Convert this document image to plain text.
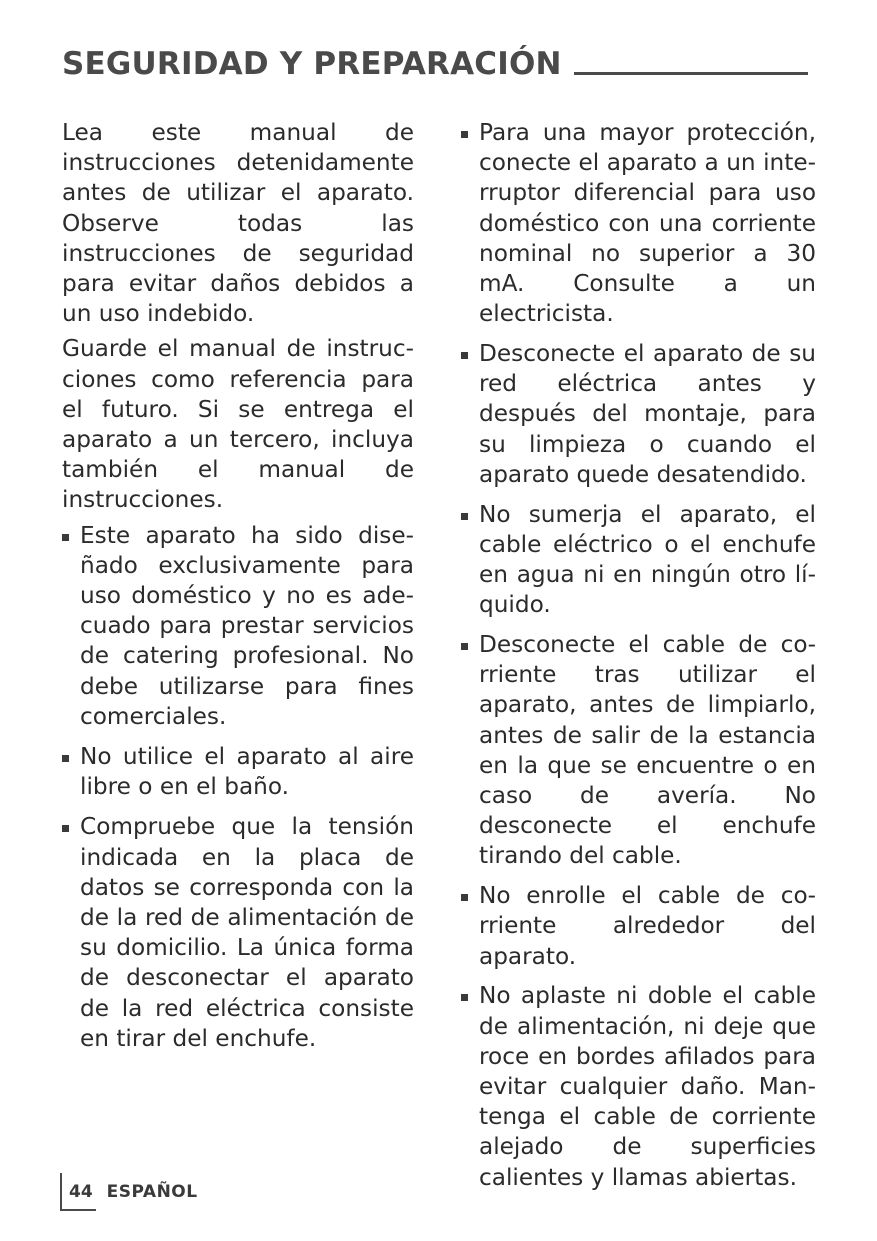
SEGURIDAD Y PREPARACIÓN

Lea este manual de instrucciones detenidamente antes de utilizar el aparato. Observe todas las instrucciones de seguridad para evitar daños debidos a un uso indebido.

Guarde el manual de instrucciones como referencia para el futuro. Si se entrega el aparato a un tercero, incluya también el manual de instrucciones.

Este aparato ha sido diseñado exclusivamente para uso doméstico y no es adecuado para prestar servicios de catering profesional. No debe utilizarse para fines comerciales.
No utilice el aparato al aire libre o en el baño.
Compruebe que la tensión indicada en la placa de datos se corresponda con la de la red de alimentación de su domicilio. La única forma de desconectar el aparato de la red eléctrica consiste en tirar del enchufe.
Para una mayor protección, conecte el aparato a un interruptor diferencial para uso doméstico con una corriente nominal no superior a 30 mA. Consulte a un electricista.
Desconecte el aparato de su red eléctrica antes y después del montaje, para su limpieza o cuando el aparato quede desatendido.
No sumerja el aparato, el cable eléctrico o el enchufe en agua ni en ningún otro líquido.
Desconecte el cable de corriente tras utilizar el aparato, antes de limpiarlo, antes de salir de la estancia en la que se encuentre o en caso de avería. No desconecte el enchufe tirando del cable.
No enrolle el cable de corriente alrededor del aparato.
No aplaste ni doble el cable de alimentación, ni deje que roce en bordes afilados para evitar cualquier daño. Mantenga el cable de corriente alejado de superficies calientes y llamas abiertas.
44 ESPAÑOL
